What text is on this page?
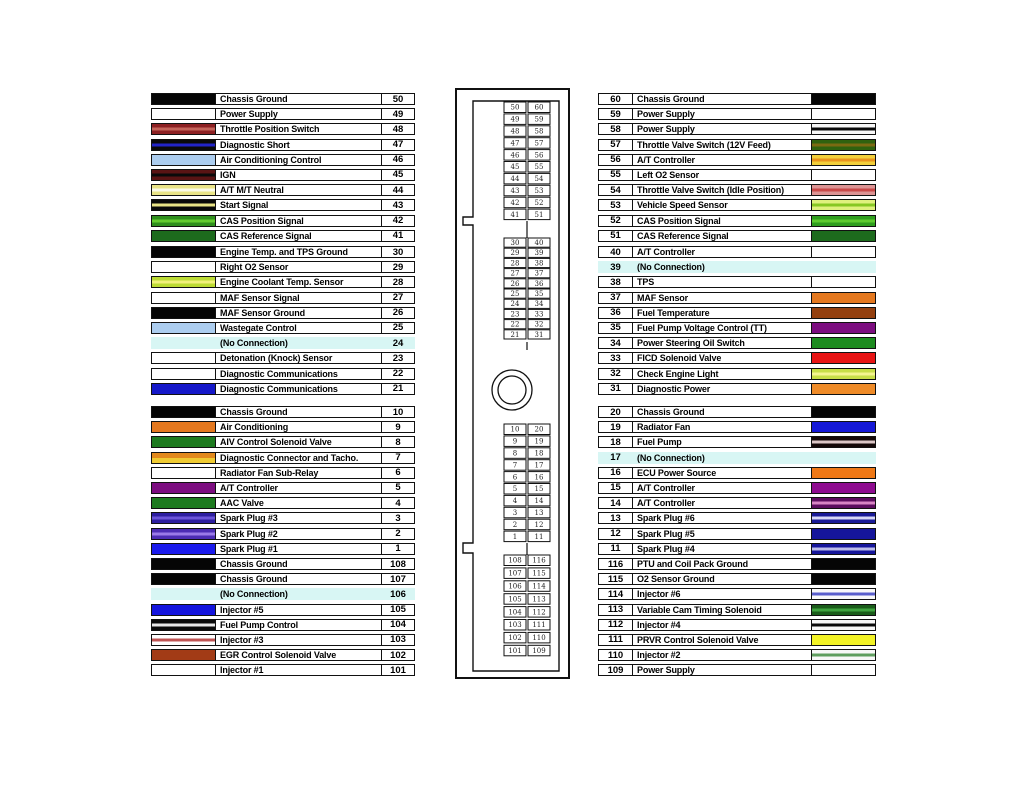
Chassis Ground	50
Power Supply	49
Throttle Position Switch	48
Diagnostic Short	47
Air Conditioning Control	46
IGN	45
A/T M/T Neutral	44
Start Signal	43
CAS Position Signal	42
CAS Reference Signal	41
Engine Temp. and TPS Ground	30
Right O2 Sensor	29
Engine Coolant Temp. Sensor	28
MAF Sensor Signal	27
MAF Sensor Ground	26
Wastegate Control	25
(No Connection)	24
Detonation (Knock) Sensor	23
Diagnostic Communications	22
Diagnostic Communications	21
Chassis Ground	10
Air Conditioning	9
AIV Control Solenoid Valve	8
Diagnostic Connector and Tacho.	7
Radiator Fan Sub-Relay	6
A/T Controller	5
AAC Valve	4
Spark Plug #3	3
Spark Plug #2	2
Spark Plug #1	1
Chassis Ground	108
Chassis Ground	107
(No Connection)	106
Injector #5	105
Fuel Pump Control	104
Injector #3	103
EGR Control Solenoid Valve	102
Injector #1	101
50 60
49 59
48 58
47 57
46 56
45 55
44 54
43 53
42 52
41 51
30 40
29 39
28 38
27 37
26 36
25 35
24 34
23 33
22 32
21 31
10 20
9 19
8 18
7 17
6 16
5 15
4 14
3 13
2 12
1 11
108 116
107 115
106 114
105 113
104 112
103 111
102 110
101 109
60	Chassis Ground
59	Power Supply
58	Power Supply
57	Throttle Valve Switch (12V Feed)
56	A/T Controller
55	Left O2 Sensor
54	Throttle Valve Switch (Idle Position)
53	Vehicle Speed Sensor
52	CAS Position Signal
51	CAS Reference Signal
40	A/T Controller
39	(No Connection)
38	TPS
37	MAF Sensor
36	Fuel Temperature
35	Fuel Pump Voltage Control (TT)
34	Power Steering Oil Switch
33	FICD Solenoid Valve
32	Check Engine Light
31	Diagnostic Power
20	Chassis Ground
19	Radiator Fan
18	Fuel Pump
17	(No Connection)
16	ECU Power Source
15	A/T Controller
14	A/T Controller
13	Spark Plug #6
12	Spark Plug #5
11	Spark Plug #4
116	PTU and Coil Pack Ground
115	O2 Sensor Ground
114	Injector #6
113	Variable Cam Timing Solenoid
112	Injector #4
111	PRVR Control Solenoid Valve
110	Injector #2
109	Power Supply
